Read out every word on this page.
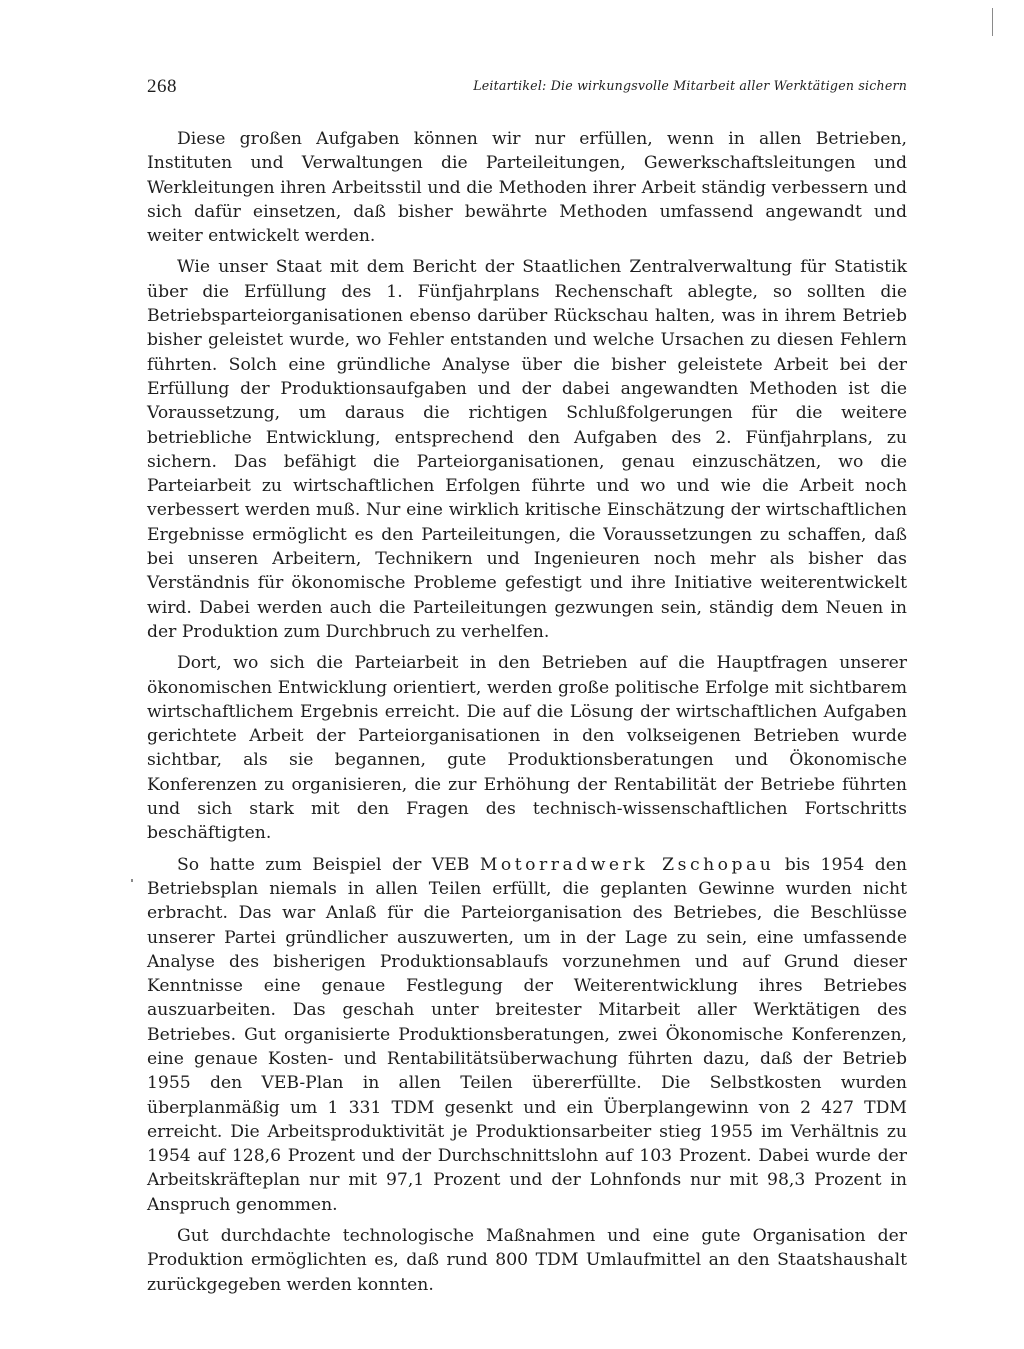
268	Leitartikel: Die wirkungsvolle Mitarbeit aller Werktätigen sichern

Diese großen Aufgaben können wir nur erfüllen, wenn in allen Betrieben, Instituten und Verwaltungen die Parteileitungen, Gewerkschaftsleitungen und Werkleitungen ihren Arbeitsstil und die Methoden ihrer Arbeit ständig verbessern und sich dafür einsetzen, daß bisher bewährte Methoden umfassend angewandt und weiter entwickelt werden.

Wie unser Staat mit dem Bericht der Staatlichen Zentralverwaltung für Statistik über die Erfüllung des 1. Fünfjahrplans Rechenschaft ablegte, so sollten die Betriebsparteiorganisationen ebenso darüber Rückschau halten, was in ihrem Betrieb bisher geleistet wurde, wo Fehler entstanden und welche Ursachen zu diesen Fehlern führten. Solch eine gründliche Analyse über die bisher geleistete Arbeit bei der Erfüllung der Produktionsaufgaben und der dabei angewandten Methoden ist die Voraussetzung, um daraus die richtigen Schlußfolgerungen für die weitere betriebliche Entwicklung, entsprechend den Aufgaben des 2. Fünfjahrplans, zu sichern. Das befähigt die Parteiorganisationen, genau einzuschätzen, wo die Parteiarbeit zu wirtschaftlichen Erfolgen führte und wo und wie die Arbeit noch verbessert werden muß. Nur eine wirklich kritische Einschätzung der wirtschaftlichen Ergebnisse ermöglicht es den Parteileitungen, die Voraussetzungen zu schaffen, daß bei unseren Arbeitern, Technikern und Ingenieuren noch mehr als bisher das Verständnis für ökonomische Probleme gefestigt und ihre Initiative weiterentwickelt wird. Dabei werden auch die Parteileitungen gezwungen sein, ständig dem Neuen in der Produktion zum Durchbruch zu verhelfen.

Dort, wo sich die Parteiarbeit in den Betrieben auf die Hauptfragen unserer ökonomischen Entwicklung orientiert, werden große politische Erfolge mit sichtbarem wirtschaftlichem Ergebnis erreicht. Die auf die Lösung der wirtschaftlichen Aufgaben gerichtete Arbeit der Parteiorganisationen in den volkseigenen Betrieben wurde sichtbar, als sie begannen, gute Produktionsberatungen und Ökonomische Konferenzen zu organisieren, die zur Erhöhung der Rentabilität der Betriebe führten und sich stark mit den Fragen des technisch-wissenschaftlichen Fortschritts beschäftigten.

So hatte zum Beispiel der VEB Motorradwerk Zschopau bis 1954 den Betriebsplan niemals in allen Teilen erfüllt, die geplanten Gewinne wurden nicht erbracht. Das war Anlaß für die Parteiorganisation des Betriebes, die Beschlüsse unserer Partei gründlicher auszuwerten, um in der Lage zu sein, eine umfassende Analyse des bisherigen Produktionsablaufs vorzunehmen und auf Grund dieser Kenntnisse eine genaue Festlegung der Weiterentwicklung ihres Betriebes auszuarbeiten. Das geschah unter breitester Mitarbeit aller Werktätigen des Betriebes. Gut organisierte Produktionsberatungen, zwei Ökonomische Konferenzen, eine genaue Kosten- und Rentabilitätsüberwachung führten dazu, daß der Betrieb 1955 den VEB-Plan in allen Teilen übererfüllte. Die Selbstkosten wurden überplanmäßig um 1 331 TDM gesenkt und ein Überplangewinn von 2 427 TDM erreicht. Die Arbeitsproduktivität je Produktionsarbeiter stieg 1955 im Verhältnis zu 1954 auf 128,6 Prozent und der Durchschnittslohn auf 103 Prozent. Dabei wurde der Arbeitskräfteplan nur mit 97,1 Prozent und der Lohnfonds nur mit 98,3 Prozent in Anspruch genommen.

Gut durchdachte technologische Maßnahmen und eine gute Organisation der Produktion ermöglichten es, daß rund 800 TDM Umlaufmittel an den Staatshaushalt zurückgegeben werden konnten.
